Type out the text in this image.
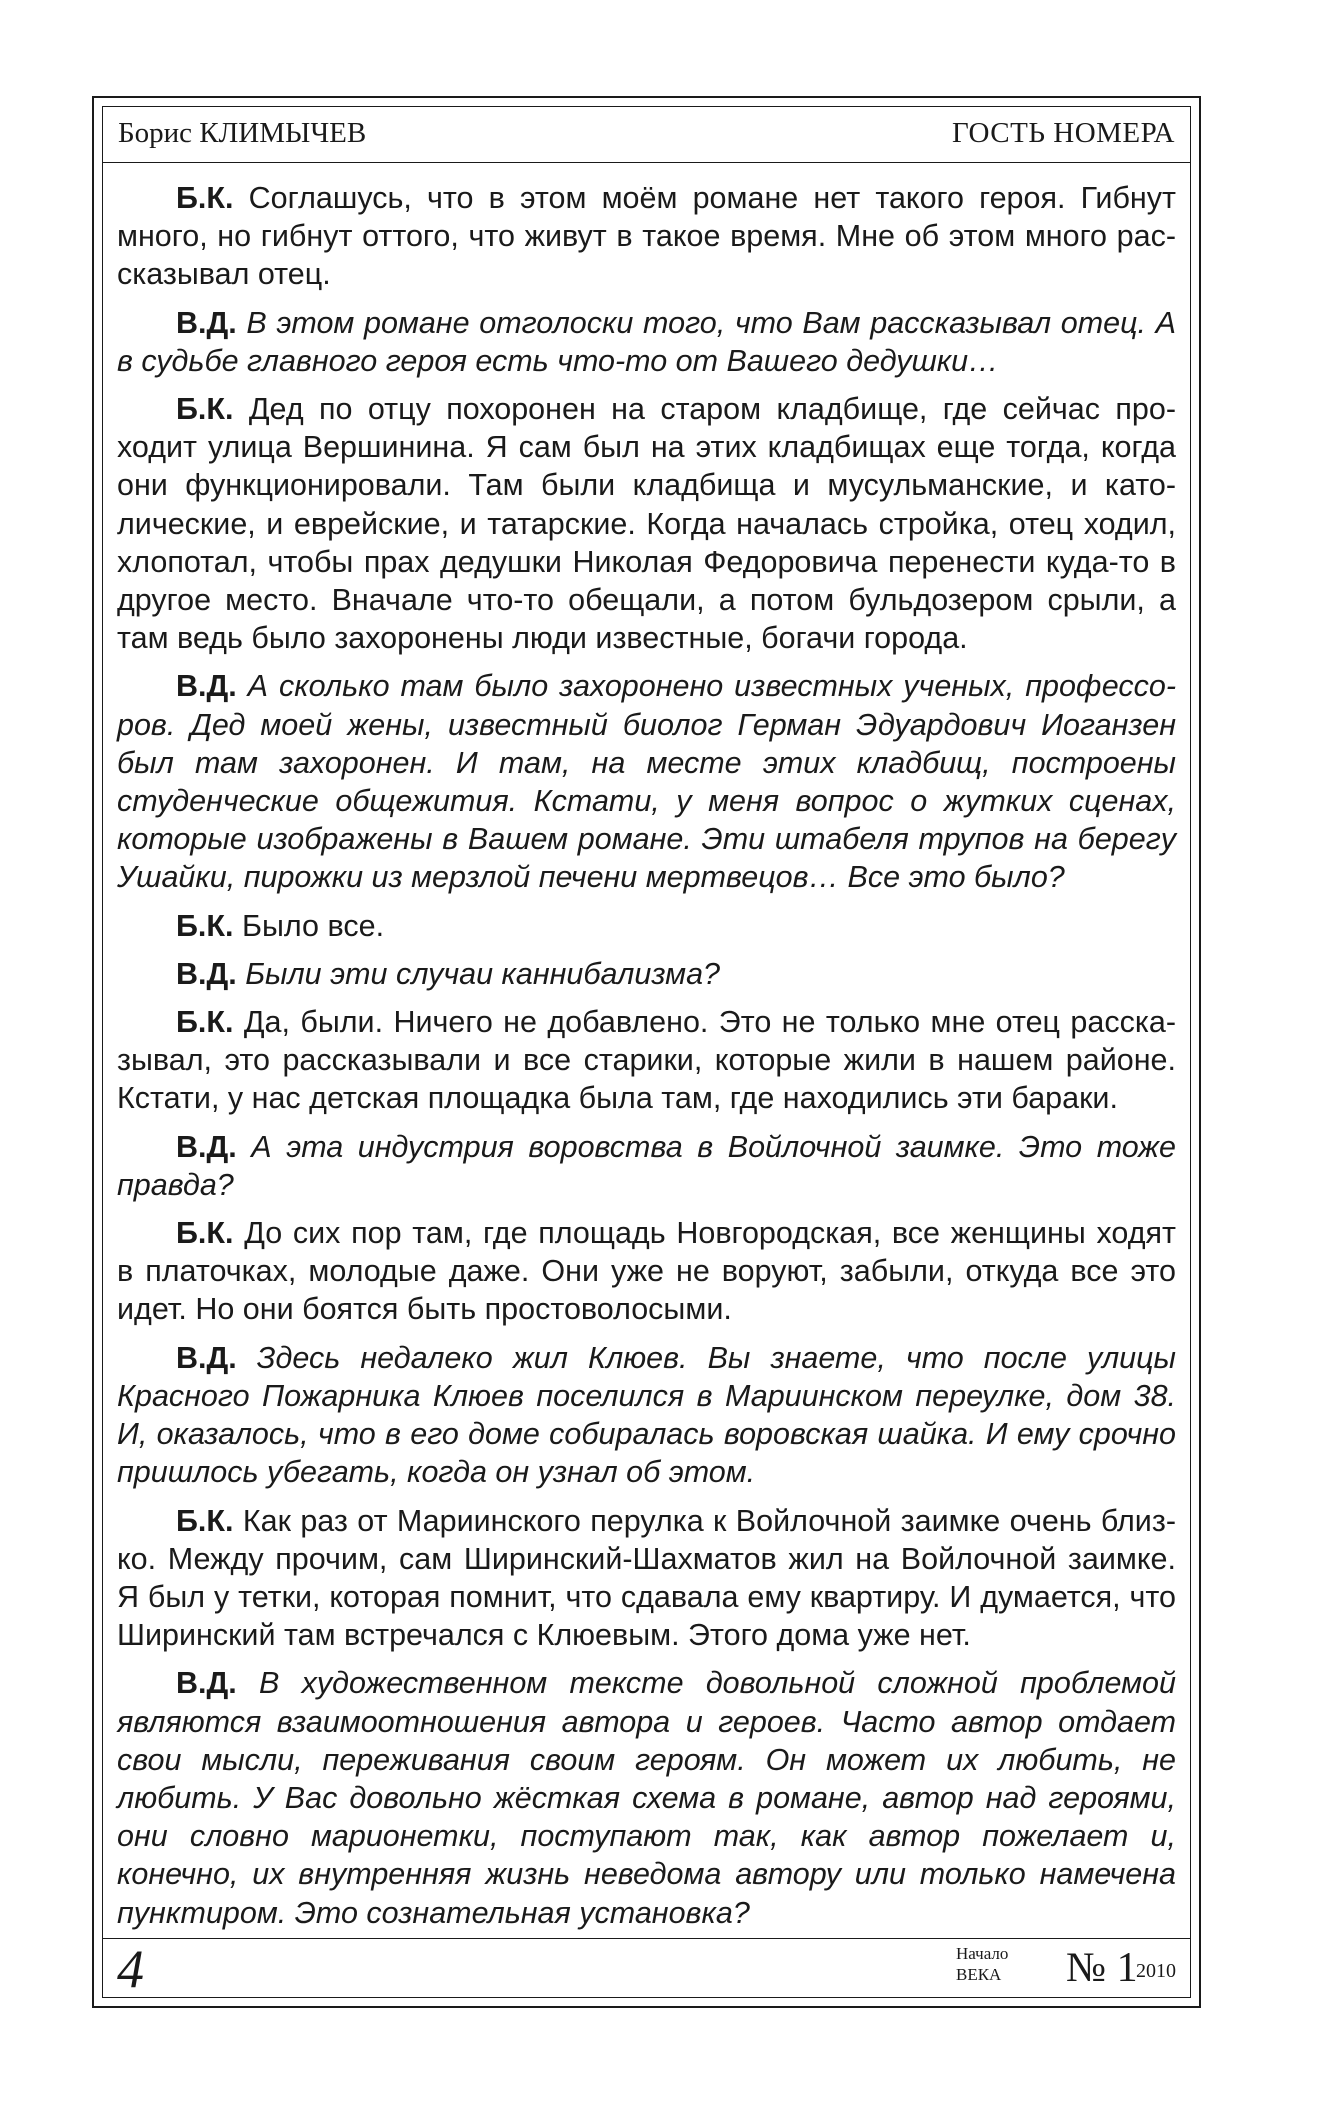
Борис КЛИМЫЧЕВ	ГОСТЬ НОМЕРА

Б.К. Соглашусь, что в этом моём романе нет такого героя. Гибнут много, но гибнут оттого, что живут в такое время. Мне об этом много рассказывал отец.

В.Д. В этом романе отголоски того, что Вам рассказывал отец. А в судьбе главного героя есть что-то от Вашего дедушки…

Б.К. Дед по отцу похоронен на старом кладбище, где сейчас проходит улица Вершинина. Я сам был на этих кладбищах еще тогда, когда они функционировали. Там были кладбища и мусульманские, и католические, и еврейские, и татарские. Когда началась стройка, отец ходил, хлопотал, чтобы прах дедушки Николая Федоровича перенести куда-то в другое место. Вначале что-то обещали, а потом бульдозером срыли, а там ведь было захоронены люди известные, богачи города.

В.Д. А сколько там было захоронено известных ученых, профессоров. Дед моей жены, известный биолог Герман Эдуардович Иоганзен был там захоронен. И там, на месте этих кладбищ, построены студенческие общежития. Кстати, у меня вопрос о жутких сценах, которые изображены в Вашем романе. Эти штабеля трупов на берегу Ушайки, пирожки из мерзлой печени мертвецов… Все это было?

Б.К. Было все.

В.Д. Были эти случаи каннибализма?

Б.К. Да, были. Ничего не добавлено. Это не только мне отец рассказывал, это рассказывали и все старики, которые жили в нашем районе. Кстати, у нас детская площадка была там, где находились эти бараки.

В.Д. А эта индустрия воровства в Войлочной заимке. Это тоже правда?

Б.К. До сих пор там, где площадь Новгородская, все женщины ходят в платочках, молодые даже. Они уже не воруют, забыли, откуда все это идет. Но они боятся быть простоволосыми.

В.Д. Здесь недалеко жил Клюев. Вы знаете, что после улицы Красного Пожарника Клюев поселился в Мариинском переулке, дом 38. И, оказалось, что в его доме собиралась воровская шайка. И ему срочно пришлось убегать, когда он узнал об этом.

Б.К. Как раз от Мариинского перулка к Войлочной заимке очень близко. Между прочим, сам Ширинский-Шахматов жил на Войлочной заимке. Я был у тетки, которая помнит, что сдавала ему квартиру. И думается, что Ширинский там встречался с Клюевым. Этого дома уже нет.

В.Д. В художественном тексте довольной сложной проблемой являются взаимоотношения автора и героев. Часто автор отдает свои мысли, переживания своим героям. Он может их любить, не любить. У Вас довольно жёсткая схема в романе, автор над героями, они словно марионетки, поступают так, как автор пожелает и, конечно, их внутренняя жизнь неведома автору или только намечена пунктиром. Это сознательная установка?

4	Начало
ВЕКА № 1
2010
